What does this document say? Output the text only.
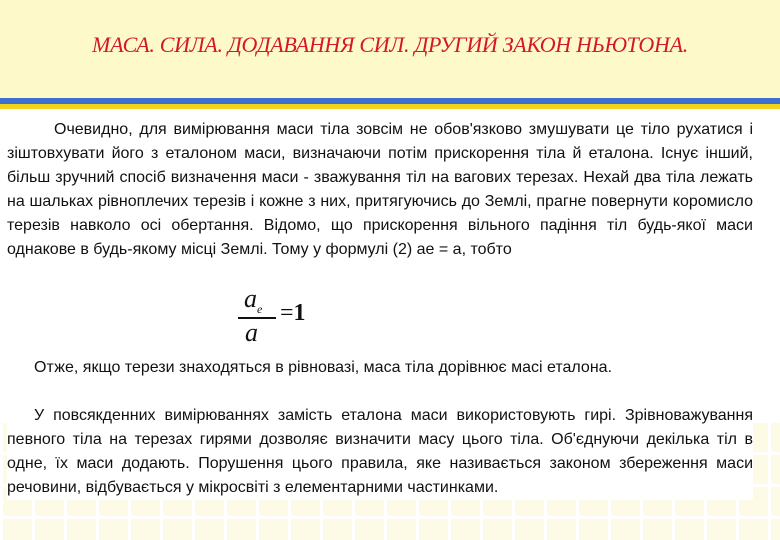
МАСА. СИЛА. ДОДАВАННЯ СИЛ. ДРУГИЙ ЗАКОН НЬЮТОНА.

Очевидно, для вимірювання маси тіла зовсім не обов'язково змушувати це тіло рухатися і зіштовхувати його з еталоном маси, визначаючи потім прискорення тіла й еталона. Існує інший, більш зручний спосіб визначення маси - зважування тіл на вагових терезах. Нехай два тіла лежать на шальках рівноплечих терезів і кожне з них, притягуючись до Землі, прагне повернути коромисло терезів навколо осі обертання. Відомо, що прискорення вільного падіння тіл будь-якої маси однакове в будь-якому місці Землі. Тому у формулі (2) ае = а, тобто

$a_e$
a
=1

Отже, якщо терези знаходяться в рівновазі, маса тіла дорівнює масі еталона.

У повсякденних вимірюваннях замість еталона маси використовують гирі. Зрівноважування певного тіла на терезах гирями дозволяє визначити масу цього тіла. Об'єднуючи декілька тіл в одне, їх маси додають. Порушення цього правила, яке називається законом збереження маси речовини, відбувається у мікросвіті з елементарними частинками.
